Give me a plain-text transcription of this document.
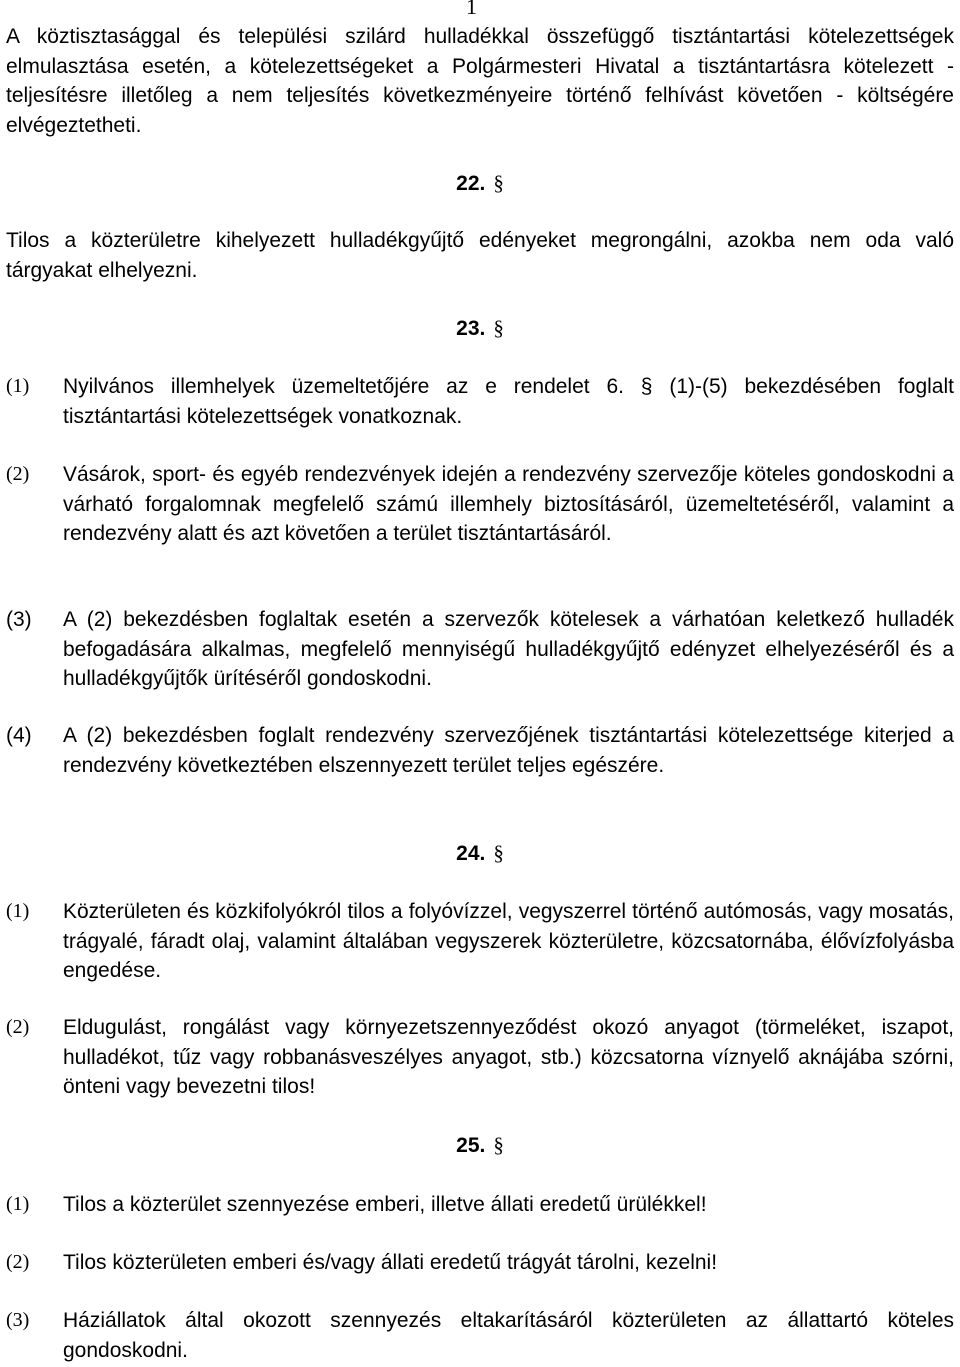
1

A köztisztasággal és települési szilárd hulladékkal összefüggő tisztántartási kötelezettségek elmulasztása esetén, a kötelezettségeket a Polgármesteri Hivatal a tisztántartásra kötelezett - teljesítésre illetőleg a nem teljesítés következményeire történő felhívást követően - költségére elvégeztetheti.

22. §

Tilos a közterületre kihelyezett hulladékgyűjtő edényeket megrongálni, azokba nem oda való tárgyakat elhelyezni.

23. §
(1)	Nyilvános illemhelyek üzemeltetőjére az e rendelet 6. § (1)-(5) bekezdésében foglalt tisztántartási kötelezettségek vonatkoznak.
(2)	Vásárok, sport- és egyéb rendezvények idején a rendezvény szervezője köteles gondoskodni a várható forgalomnak megfelelő számú illemhely biztosításáról, üzemeltetéséről, valamint a rendezvény alatt és azt követően a terület tisztántartásáról.
(3)	A (2) bekezdésben foglaltak esetén a szervezők kötelesek a várhatóan keletkező hulladék befogadására alkalmas, megfelelő mennyiségű hulladékgyűjtő edényzet elhelyezéséről és a hulladékgyűjtők ürítéséről gondoskodni.
(4)	A (2) bekezdésben foglalt rendezvény szervezőjének tisztántartási kötelezettsége kiterjed a rendezvény következtében elszennyezett terület teljes egészére.
24. §
(1)	Közterületen és közkifolyókról tilos a folyóvízzel, vegyszerrel történő autómosás, vagy mosatás, trágyalé, fáradt olaj, valamint általában vegyszerek közterületre, közcsatornába, élővízfolyásba engedése.
(2)	Eldugulást, rongálást vagy környezetszennyeződést okozó anyagot (törmeléket, iszapot, hulladékot, tűz vagy robbanásveszélyes anyagot, stb.) közcsatorna víznyelő aknájába szórni, önteni vagy bevezetni tilos!
25. §
(1)	Tilos a közterület szennyezése emberi, illetve állati eredetű ürülékkel!
(2)	Tilos közterületen emberi és/vagy állati eredetű trágyát tárolni, kezelni!
(3)	Háziállatok által okozott szennyezés eltakarításáról közterületen az állattartó köteles gondoskodni.
